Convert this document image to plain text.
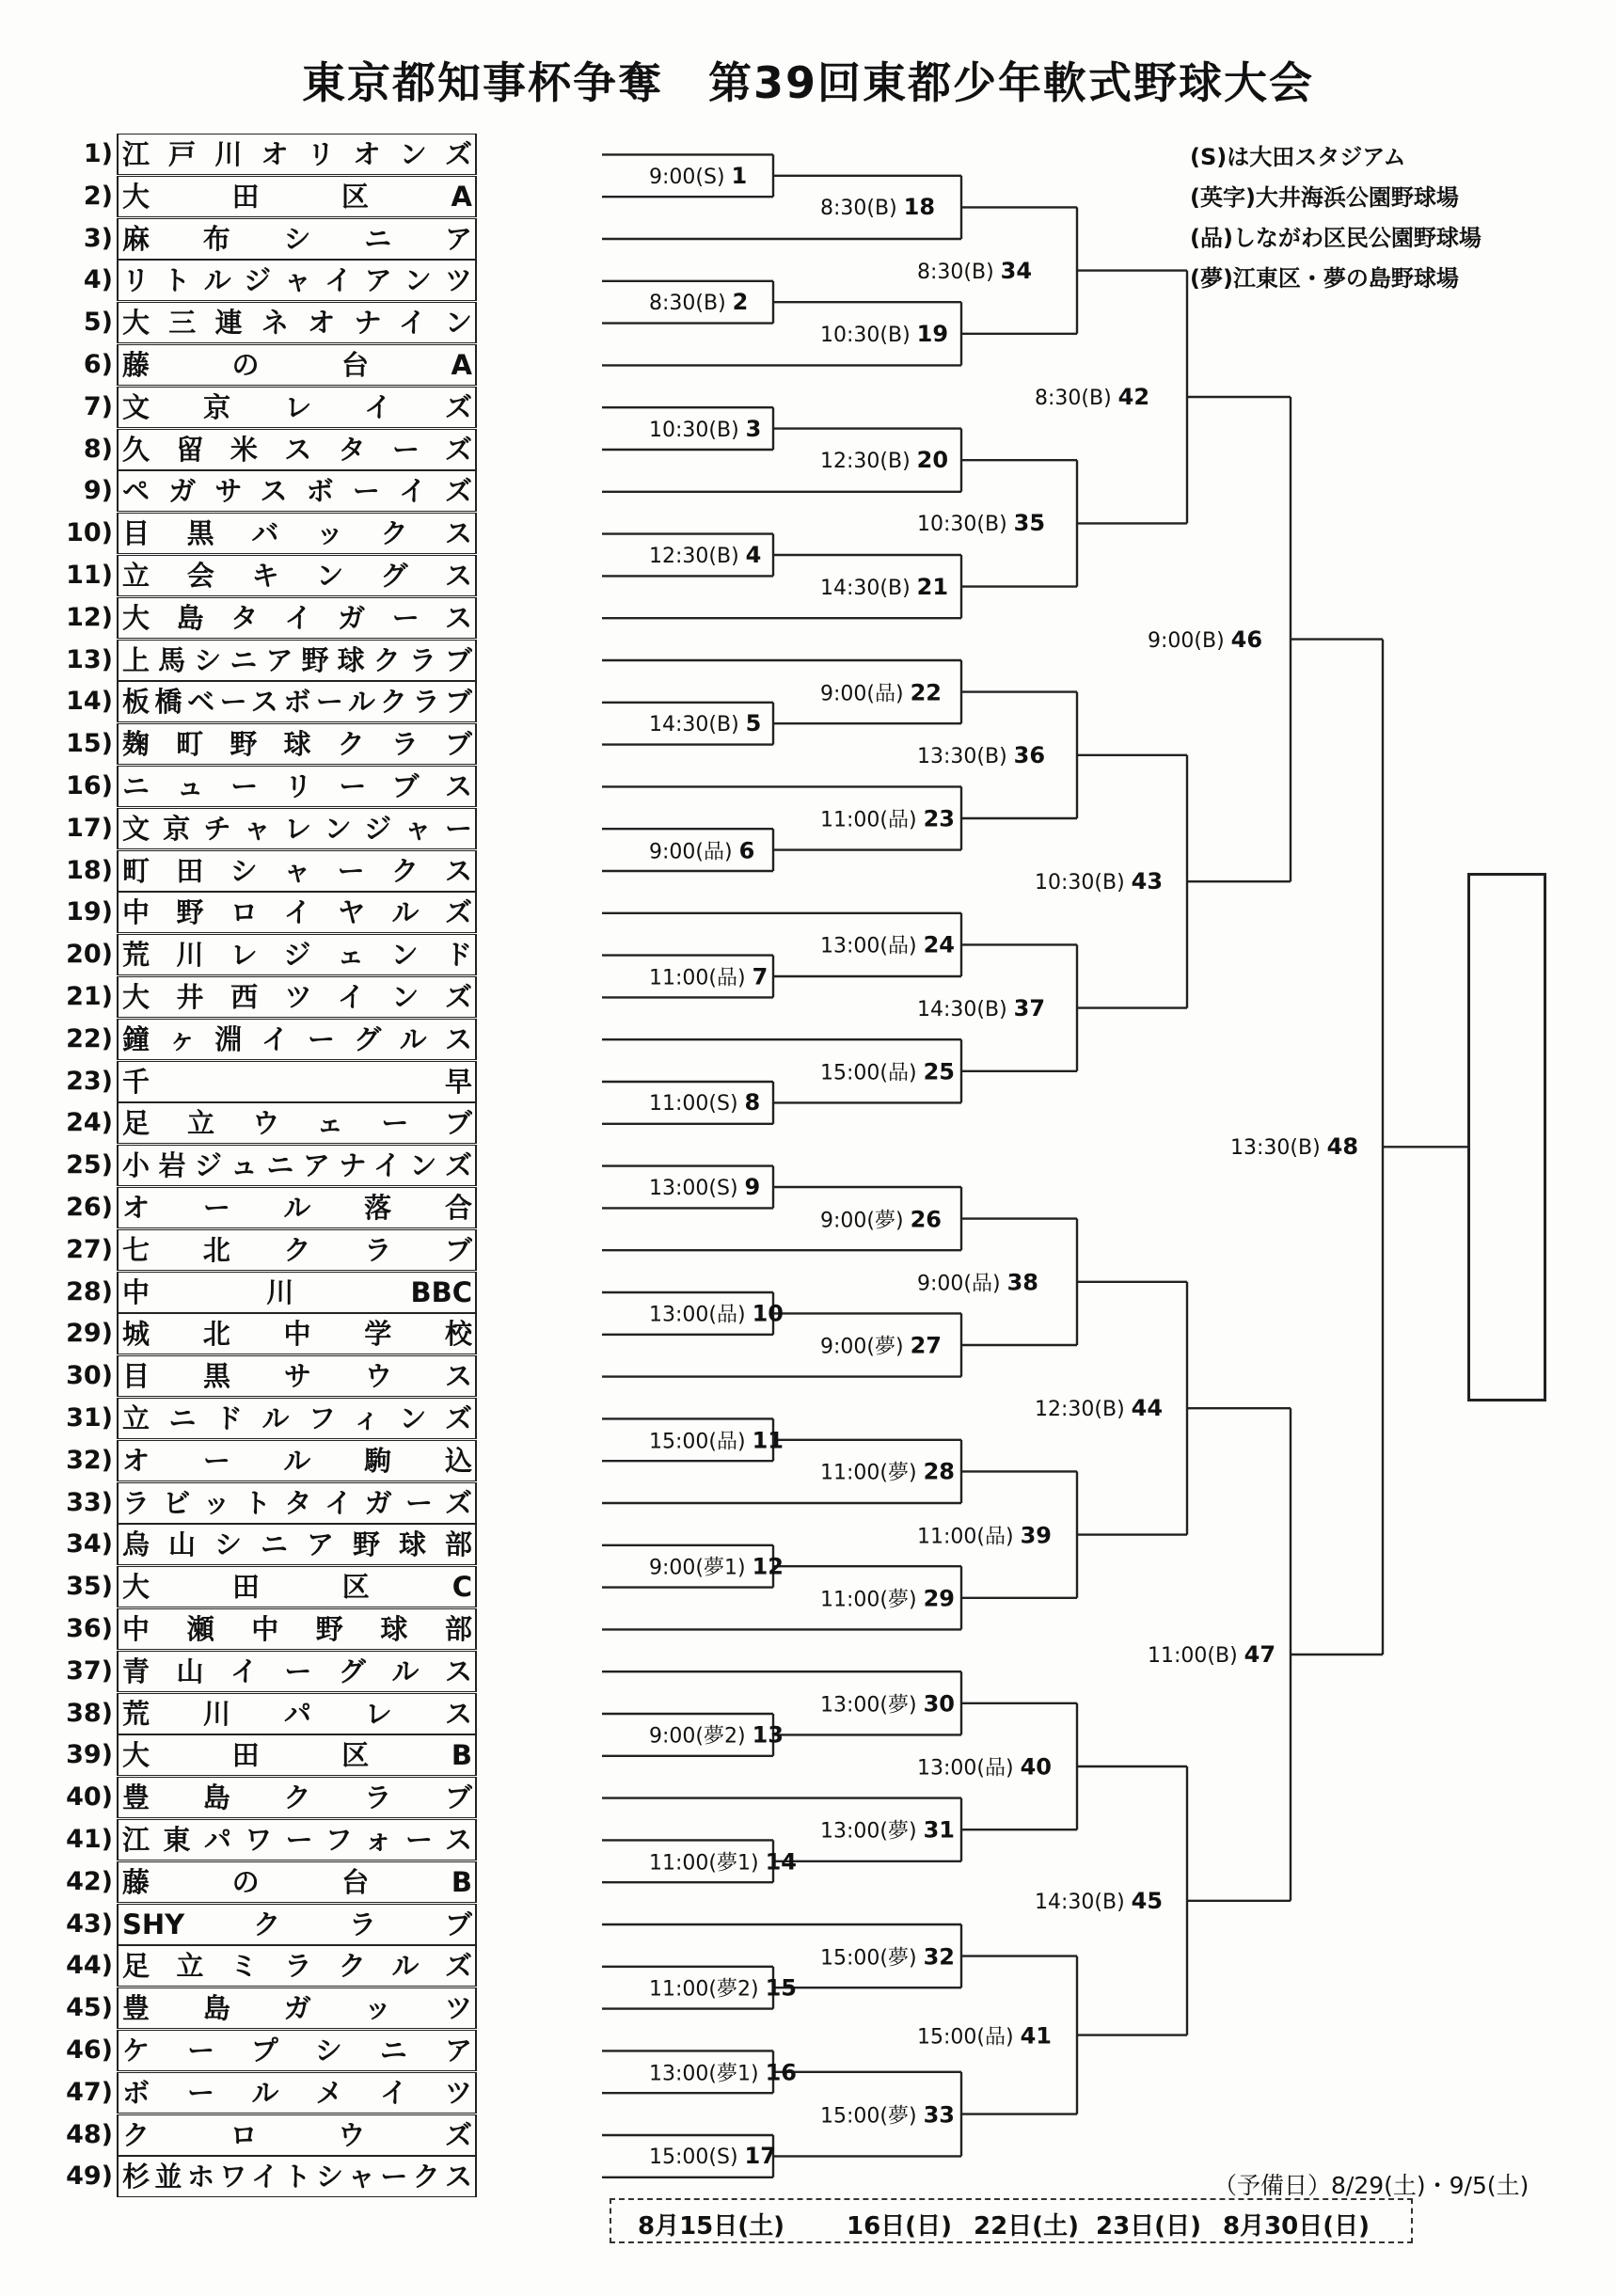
東京都知事杯争奪　第39回東都少年軟式野球大会
1) 江戸川オリオンズ
2) 大田区A
3) 麻布シニア
4) リトルジャイアンツ
5) 大三連ネオナイン
6) 藤の台A
7) 文京レイズ
8) 久留米スターズ
9) ペガサスボーイズ
10) 目黒バックス
11) 立会キングス
12) 大島タイガース
13) 上馬シニア野球クラブ
14) 板橋ベースボールクラブ
15) 麹町野球クラブ
16) ニューリーブス
17) 文京チャレンジャー
18) 町田シャークス
19) 中野ロイヤルズ
20) 荒川レジェンド
21) 大井西ツインズ
22) 鐘ヶ淵イーグルス
23) 千早
24) 足立ウェーブ
25) 小岩ジュニアナインズ
26) オール落合
27) 七北クラブ
28) 中川BBC
29) 城北中学校
30) 目黒サウス
31) 立ニドルフィンズ
32) オール駒込
33) ラビットタイガーズ
34) 烏山シニア野球部
35) 大田区C
36) 中瀬中野球部
37) 青山イーグルス
38) 荒川パレス
39) 大田区B
40) 豊島クラブ
41) 江東パワーフォース
42) 藤の台B
43) SHYクラブ
44) 足立ミラクルズ
45) 豊島ガッツ
46) ケープシニア
47) ボールメイツ
48) クロウズ
49) 杉並ホワイトシャークス
(S)は大田スタジアム
(英字)大井海浜公園野球場
(品)しながわ区民公園野球場
(夢)江東区・夢の島野球場
9:00(S) 1
8:30(B) 2
10:30(B) 3
12:30(B) 4
14:30(B) 5
9:00(品) 6
11:00(品) 7
11:00(S) 8
13:00(S) 9
13:00(品) 10
15:00(品) 11
9:00(夢1) 12
9:00(夢2) 13
11:00(夢1) 14
11:00(夢2) 15
13:00(夢1) 16
15:00(S) 17
8:30(B) 18
10:30(B) 19
12:30(B) 20
14:30(B) 21
9:00(品) 22
11:00(品) 23
13:00(品) 24
15:00(品) 25
9:00(夢) 26
9:00(夢) 27
11:00(夢) 28
11:00(夢) 29
13:00(夢) 30
13:00(夢) 31
15:00(夢) 32
15:00(夢) 33
8:30(B) 34
10:30(B) 35
13:30(B) 36
14:30(B) 37
9:00(品) 38
11:00(品) 39
13:00(品) 40
15:00(品) 41
8:30(B) 42
10:30(B) 43
12:30(B) 44
14:30(B) 45
9:00(B) 46
11:00(B) 47
13:30(B) 48
（予備日）8/29(土)・9/5(土)
8月15日(土)	16日(日) 22日(土) 23日(日) 8月30日(日)
